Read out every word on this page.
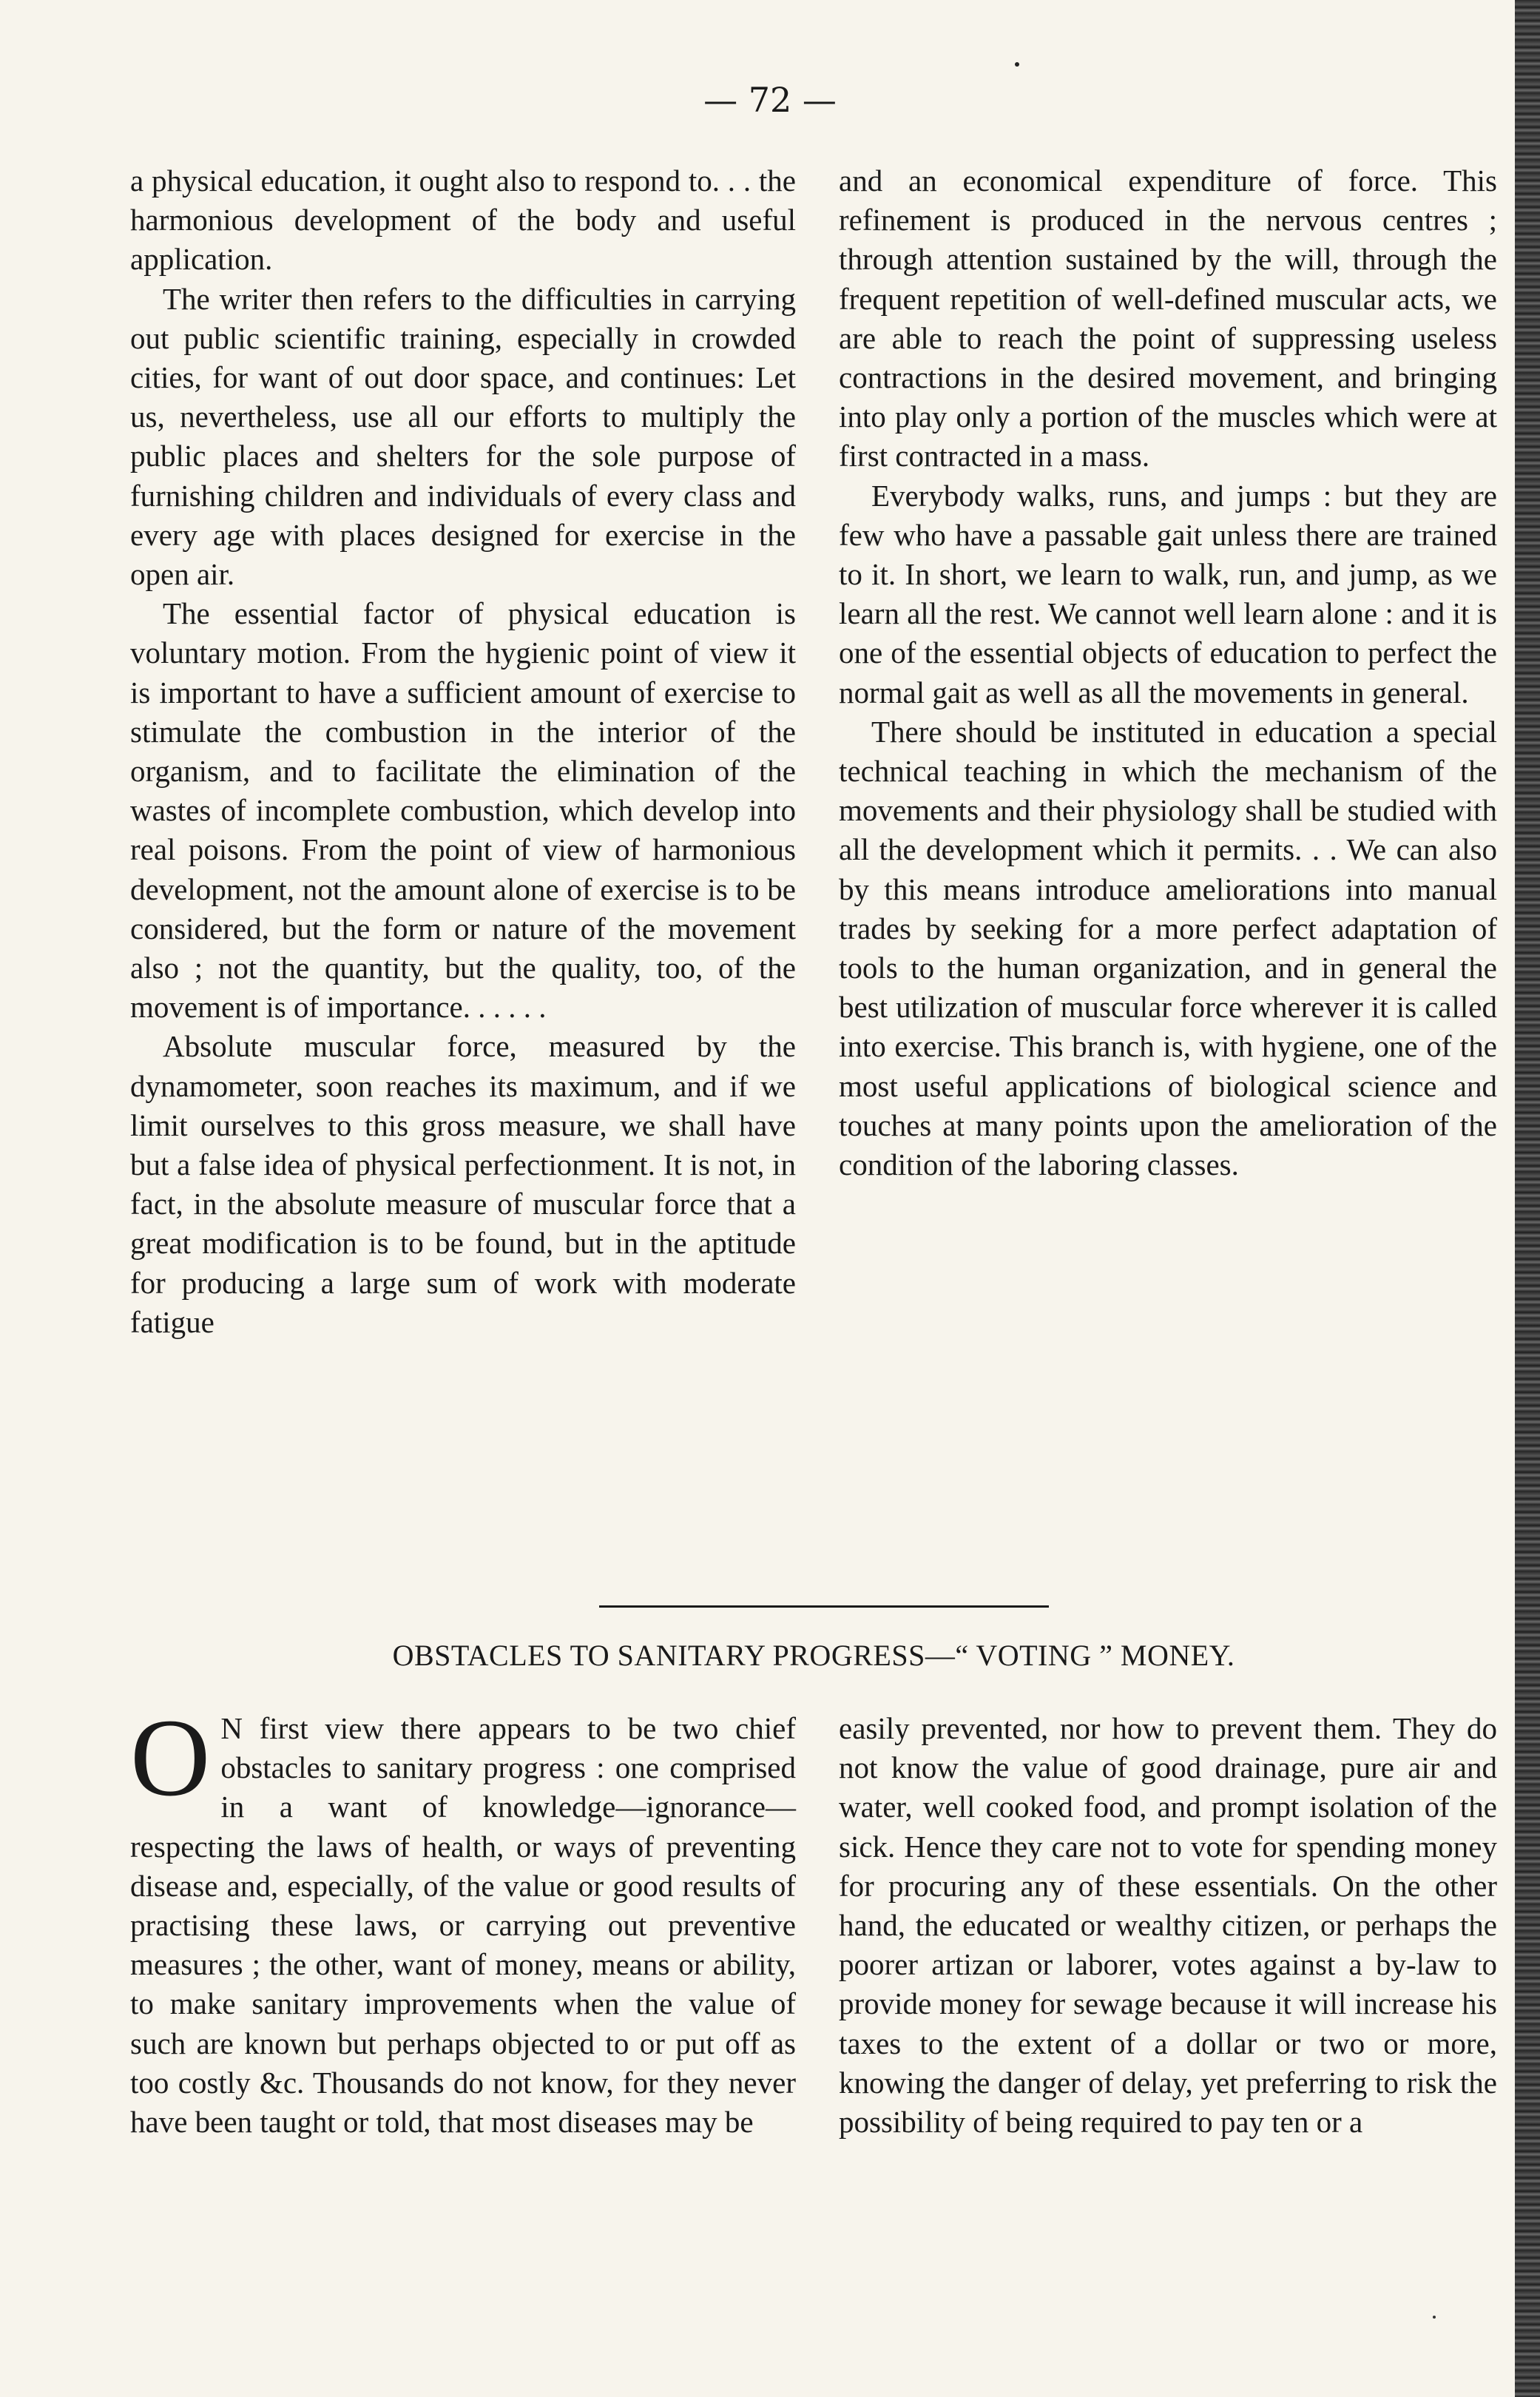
— 72 —

a physical education, it ought also to respond to. . . the harmonious development of the body and useful application.

The writer then refers to the difficulties in carrying out public scientific training, especially in crowded cities, for want of out door space, and continues: Let us, nevertheless, use all our efforts to multiply the public places and shelters for the sole purpose of furnishing children and individuals of every class and every age with places designed for exercise in the open air.

The essential factor of physical education is voluntary motion. From the hygienic point of view it is important to have a sufficient amount of exercise to stimulate the combustion in the interior of the organism, and to facilitate the elimination of the wastes of incomplete combustion, which develop into real poisons. From the point of view of harmonious development, not the amount alone of exercise is to be considered, but the form or nature of the movement also ; not the quantity, but the quality, too, of the movement is of importance. . . . . .

Absolute muscular force, measured by the dynamometer, soon reaches its maximum, and if we limit ourselves to this gross measure, we shall have but a false idea of physical perfectionment. It is not, in fact, in the absolute measure of muscular force that a great modification is to be found, but in the aptitude for producing a large sum of work with moderate fatigue

and an economical expenditure of force. This refinement is produced in the nervous centres ; through attention sustained by the will, through the frequent repetition of well-defined muscular acts, we are able to reach the point of suppressing useless contractions in the desired movement, and bringing into play only a portion of the muscles which were at first contracted in a mass.

Everybody walks, runs, and jumps : but they are few who have a passable gait unless there are trained to it. In short, we learn to walk, run, and jump, as we learn all the rest. We cannot well learn alone : and it is one of the essential objects of education to perfect the normal gait as well as all the movements in general.

There should be instituted in education a special technical teaching in which the mechanism of the movements and their physiology shall be studied with all the development which it permits. . . We can also by this means introduce ameliorations into manual trades by seeking for a more perfect adaptation of tools to the human organization, and in general the best utilization of muscular force wherever it is called into exercise. This branch is, with hygiene, one of the most useful applications of biological science and touches at many points upon the amelioration of the condition of the laboring classes.

OBSTACLES TO SANITARY PROGRESS—“ VOTING ” MONEY.
O N first view there appears to be two chief obstacles to sanitary progress : one comprised in a want of knowledge—ignorance—respecting the laws of health, or ways of preventing disease and, especially, of the value or good results of practising these laws, or carrying out preventive measures ; the other, want of money, means or ability, to make sanitary improvements when the value of such are known but perhaps objected to or put off as too costly &c. Thousands do not know, for they never have been taught or told, that most diseases may be

easily prevented, nor how to prevent them. They do not know the value of good drainage, pure air and water, well cooked food, and prompt isolation of the sick. Hence they care not to vote for spending money for procuring any of these essentials. On the other hand, the educated or wealthy citizen, or perhaps the poorer artizan or laborer, votes against a by-law to provide money for sewage because it will increase his taxes to the extent of a dollar or two or more, knowing the danger of delay, yet preferring to risk the possibility of being required to pay ten or a
